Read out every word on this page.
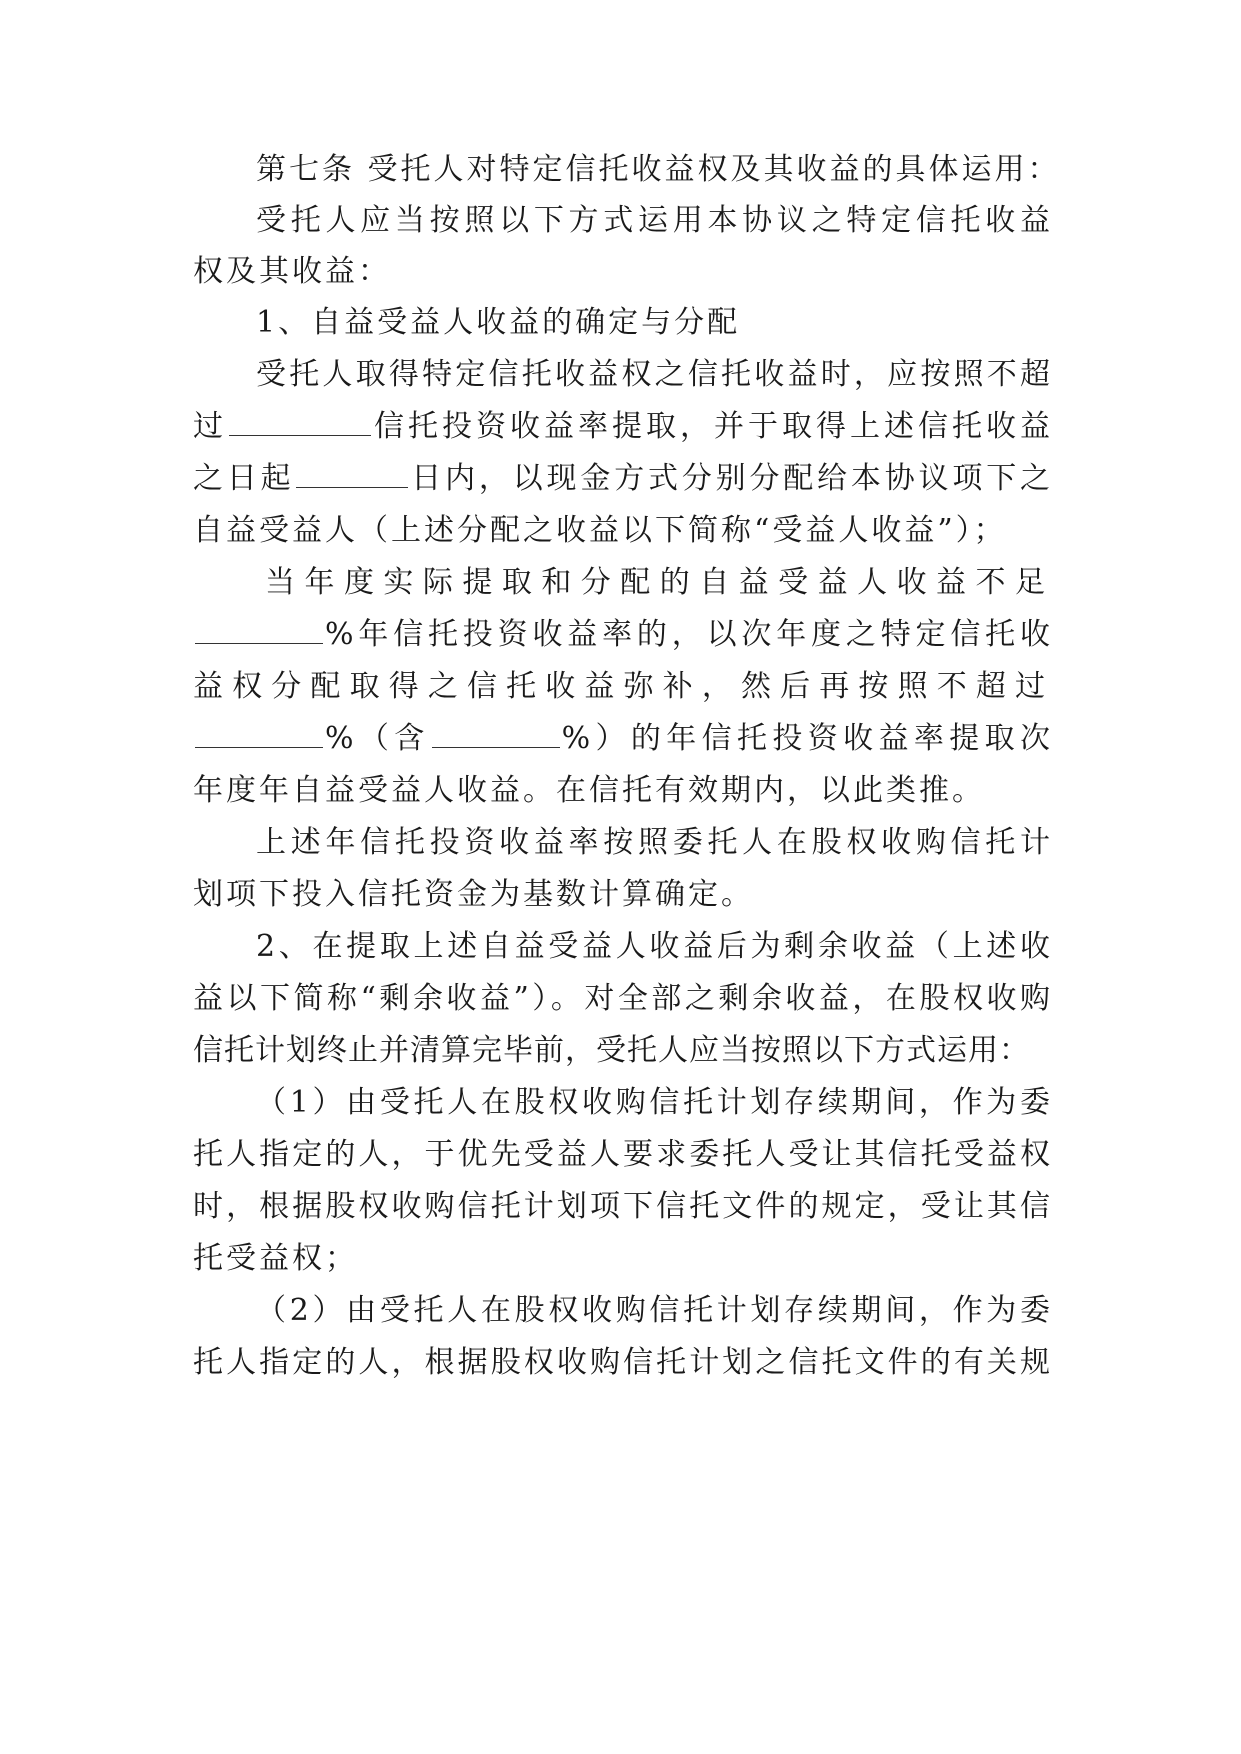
第七条 受托人对特定信托收益权及其收益的具体运用：
受托人应当按照以下方式运用本协议之特定信托收益
权及其收益：
1、自益受益人收益的确定与分配
受托人取得特定信托收益权之信托收益时，应按照不超
过	信托投资收益率提取，并于取得上述信托收益
之日起	日内，以现金方式分别分配给本协议项下之
自益受益人（上述分配之收益以下简称“受益人收益”）；
当年度实际提取和分配的自益受益人收益不足
%年信托投资收益率的，以次年度之特定信托收
益权分配取得之信托收益弥补，然后再按照不超过
%（含	%）的年信托投资收益率提取次
年度年自益受益人收益。在信托有效期内，以此类推。
上述年信托投资收益率按照委托人在股权收购信托计
划项下投入信托资金为基数计算确定。
2、在提取上述自益受益人收益后为剩余收益（上述收
益以下简称“剩余收益”）。对全部之剩余收益，在股权收购
信托计划终止并清算完毕前，受托人应当按照以下方式运用：
（1）由受托人在股权收购信托计划存续期间，作为委
托人指定的人，于优先受益人要求委托人受让其信托受益权
时，根据股权收购信托计划项下信托文件的规定，受让其信
托受益权；
（2）由受托人在股权收购信托计划存续期间，作为委
托人指定的人，根据股权收购信托计划之信托文件的有关规
